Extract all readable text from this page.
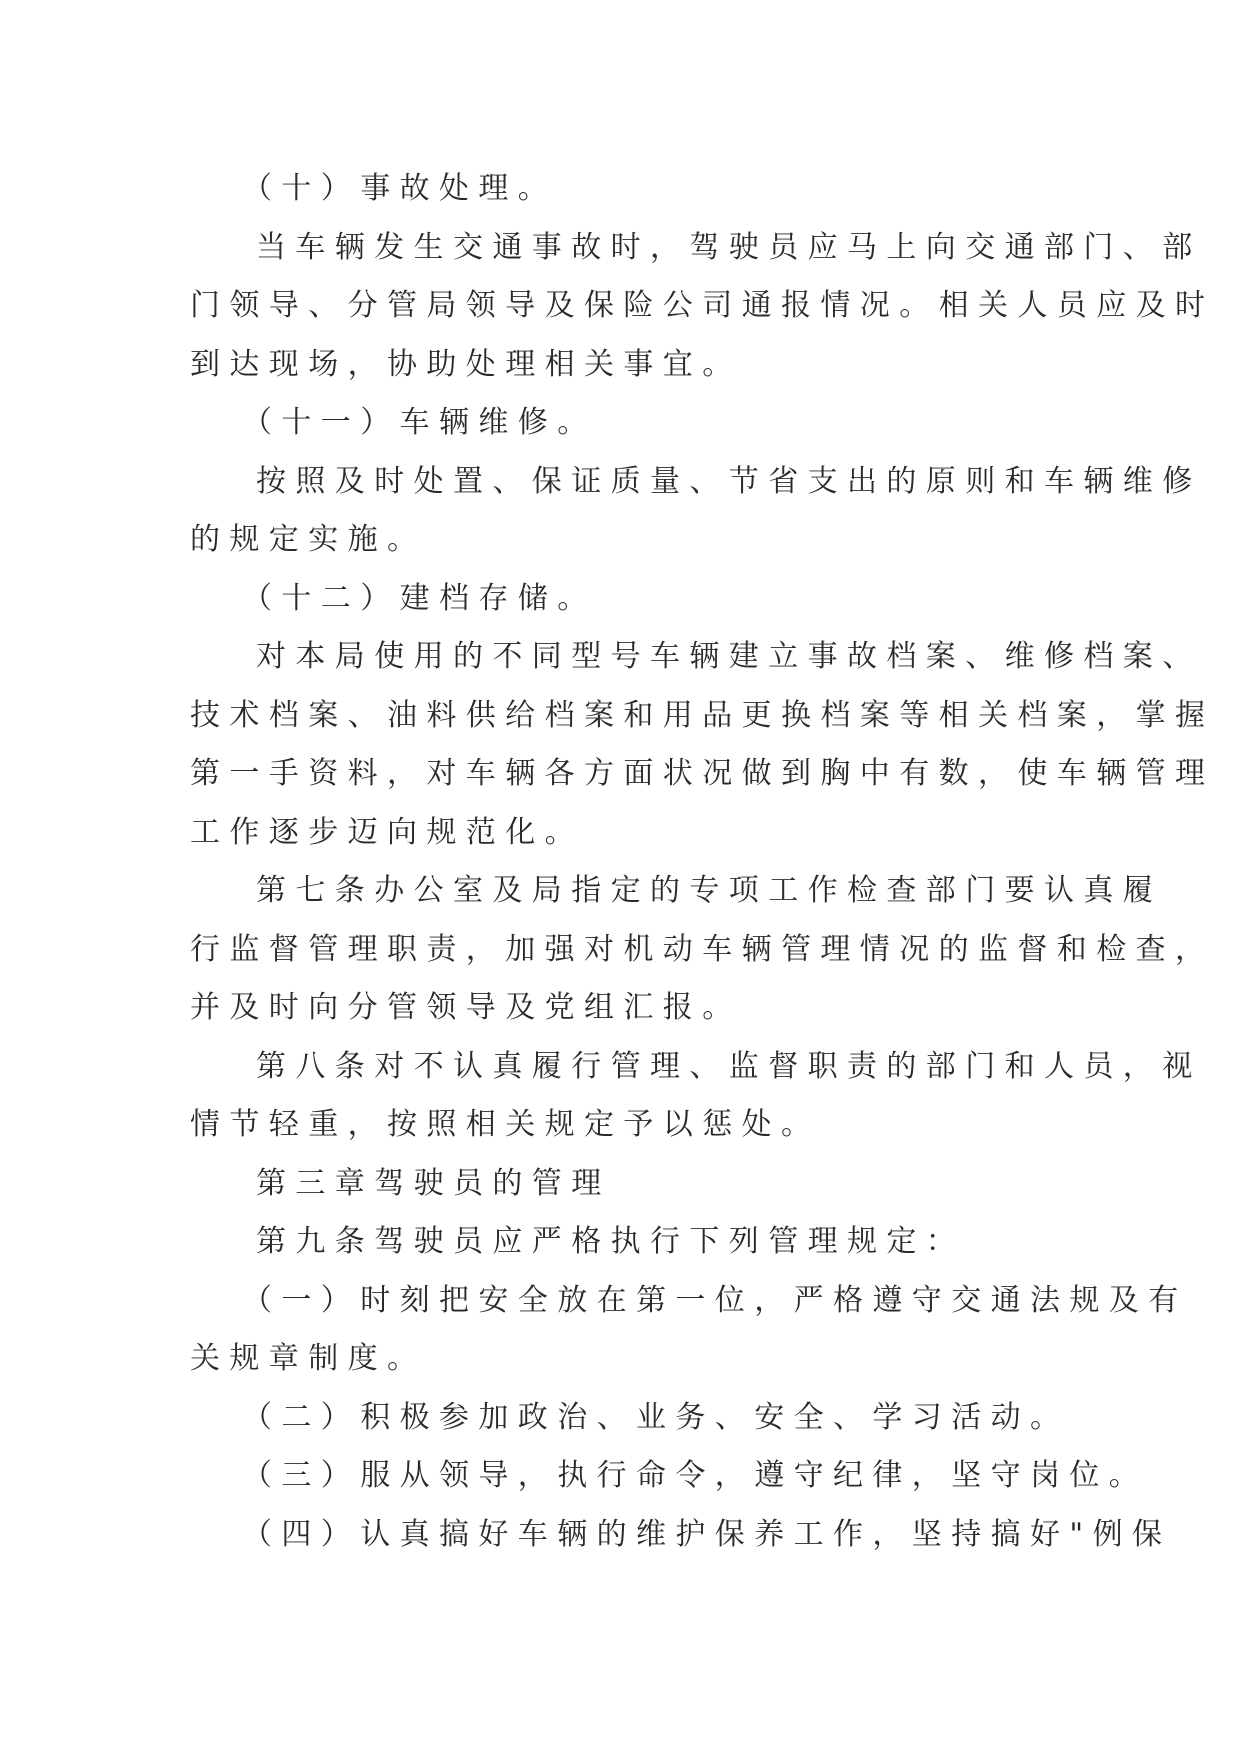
（十）事故处理。
当车辆发生交通事故时，驾驶员应马上向交通部门、部
门领导、分管局领导及保险公司通报情况。相关人员应及时
到达现场，协助处理相关事宜。
（十一）车辆维修。
按照及时处置、保证质量、节省支出的原则和车辆维修
的规定实施。
（十二）建档存储。
对本局使用的不同型号车辆建立事故档案、维修档案、
技术档案、油料供给档案和用品更换档案等相关档案，掌握
第一手资料，对车辆各方面状况做到胸中有数，使车辆管理
工作逐步迈向规范化。
第七条办公室及局指定的专项工作检查部门要认真履
行监督管理职责，加强对机动车辆管理情况的监督和检查，
并及时向分管领导及党组汇报。
第八条对不认真履行管理、监督职责的部门和人员，视
情节轻重，按照相关规定予以惩处。
第三章驾驶员的管理
第九条驾驶员应严格执行下列管理规定：
（一）时刻把安全放在第一位，严格遵守交通法规及有
关规章制度。
（二）积极参加政治、业务、安全、学习活动。
（三）服从领导，执行命令，遵守纪律，坚守岗位。
（四）认真搞好车辆的维护保养工作，坚持搞好"例保
